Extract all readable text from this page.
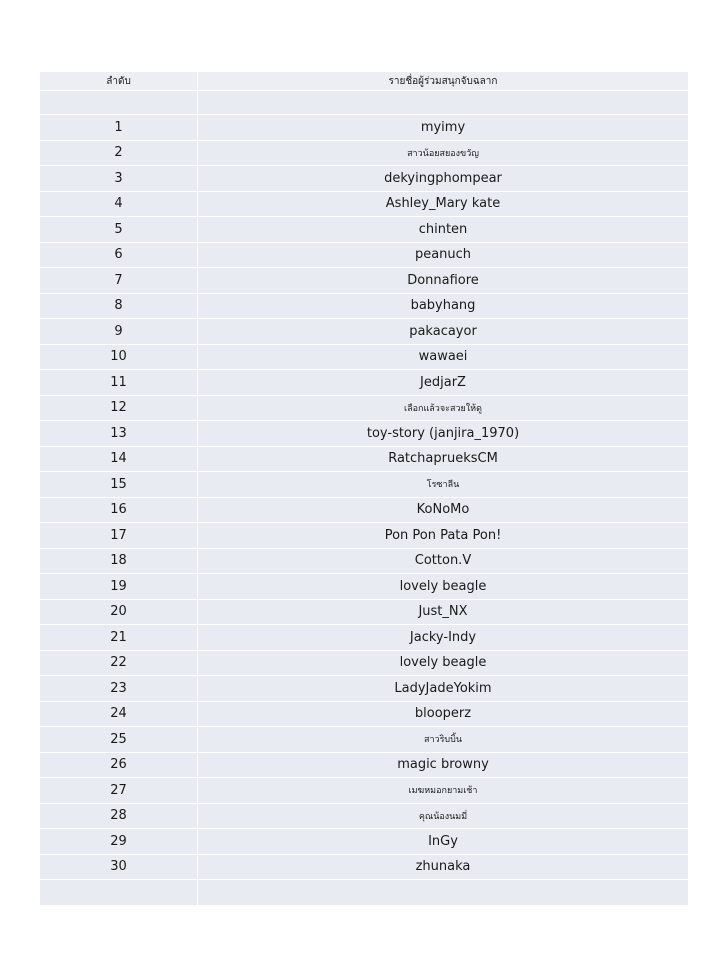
ลำดับ	รายชื่อผู้ร่วมสนุกจับฉลาก
1	myimy
2	สาวน้อยสยองขวัญ
3	dekyingphompear
4	Ashley_Mary kate
5	chinten
6	peanuch
7	Donnafiore
8	babyhang
9	pakacayor
10	wawaei
11	JedjarZ
12	เลือกแล้วจะสวยให้ดู
13	toy-story (janjira_1970)
14	RatchaprueksCM
15	โรซาลีน
16	KoNoMo
17	Pon Pon Pata Pon!
18	Cotton.V
19	lovely beagle
20	Just_NX
21	Jacky-Indy
22	lovely beagle
23	LadyJadeYokim
24	blooperz
25	สาวริบบิ้น
26	magic browny
27	เมฆหมอกยามเช้า
28	คุณน้องนมมี่
29	InGy
30	zhunaka
